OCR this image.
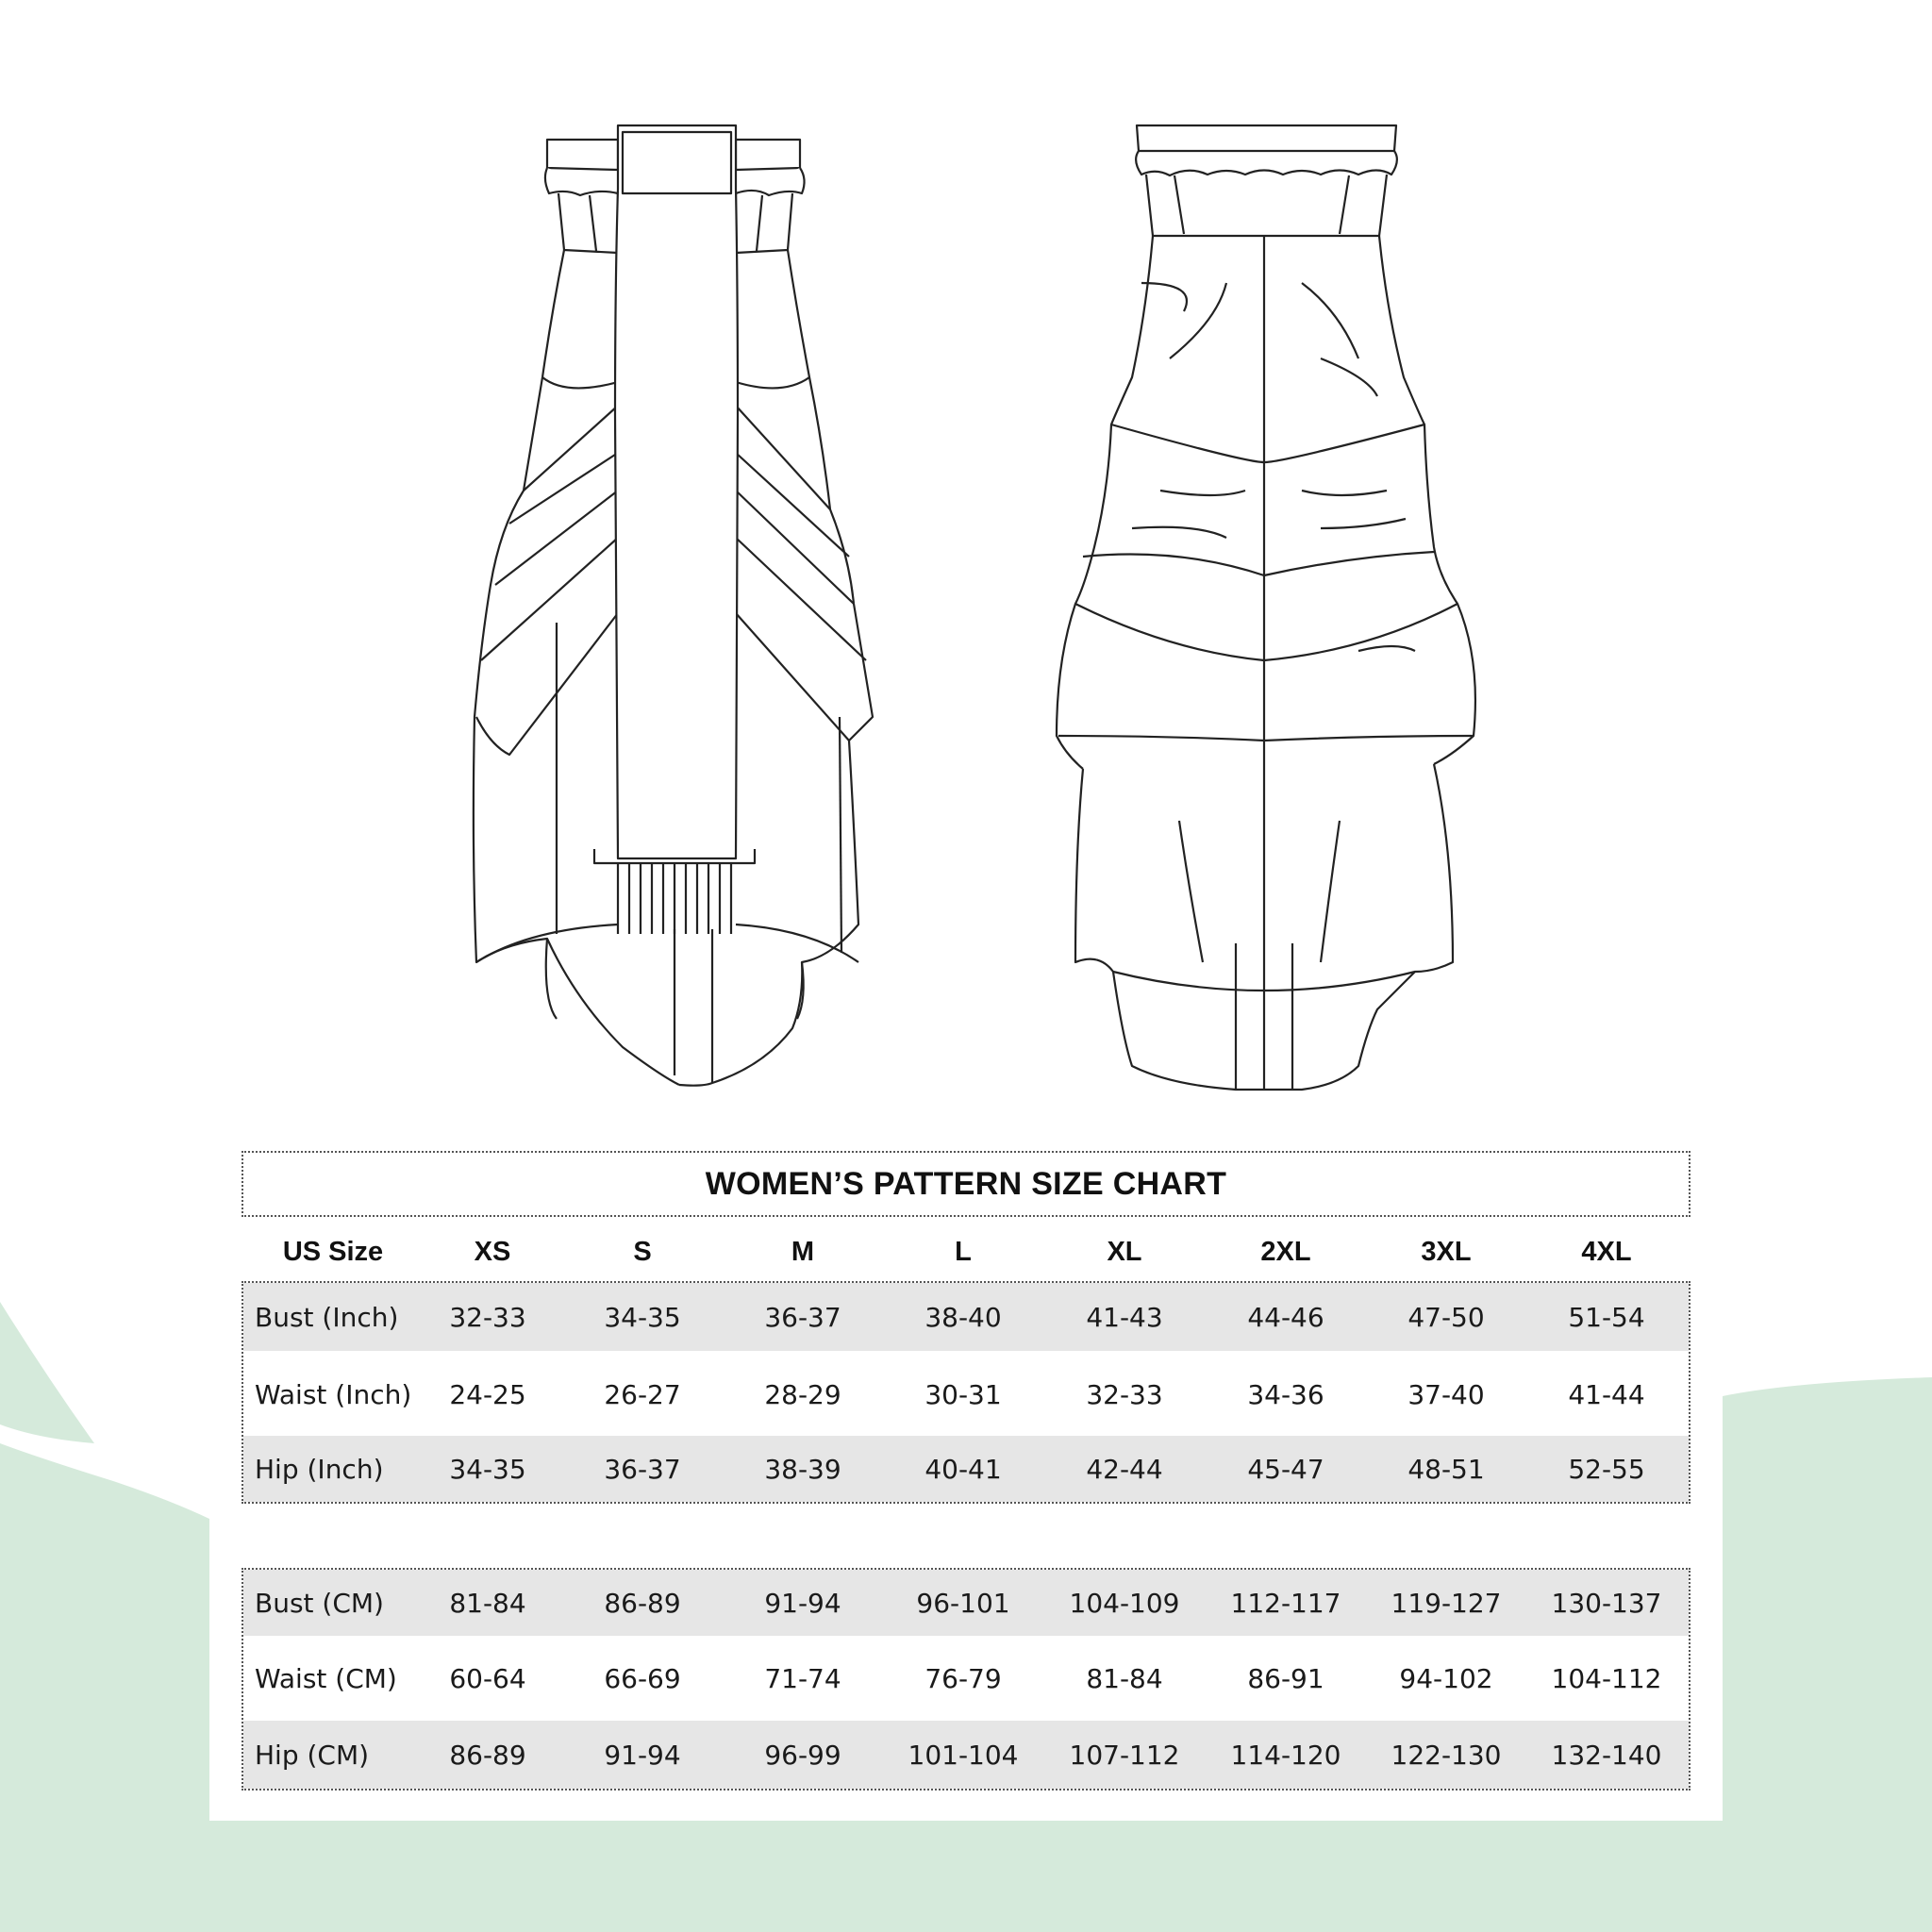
WOMEN’S PATTERN SIZE CHART
US Size	XS	S	M	L	XL	2XL	3XL	4XL
Bust (Inch)	32-33	34-35	36-37	38-40	41-43	44-46	47-50	51-54
Waist (Inch)	24-25	26-27	28-29	30-31	32-33	34-36	37-40	41-44
Hip (Inch)	34-35	36-37	38-39	40-41	42-44	45-47	48-51	52-55
Bust (CM)	81-84	86-89	91-94	96-101	104-109	112-117	119-127	130-137
Waist (CM)	60-64	66-69	71-74	76-79	81-84	86-91	94-102	104-112
Hip (CM)	86-89	91-94	96-99	101-104	107-112	114-120	122-130	132-140
